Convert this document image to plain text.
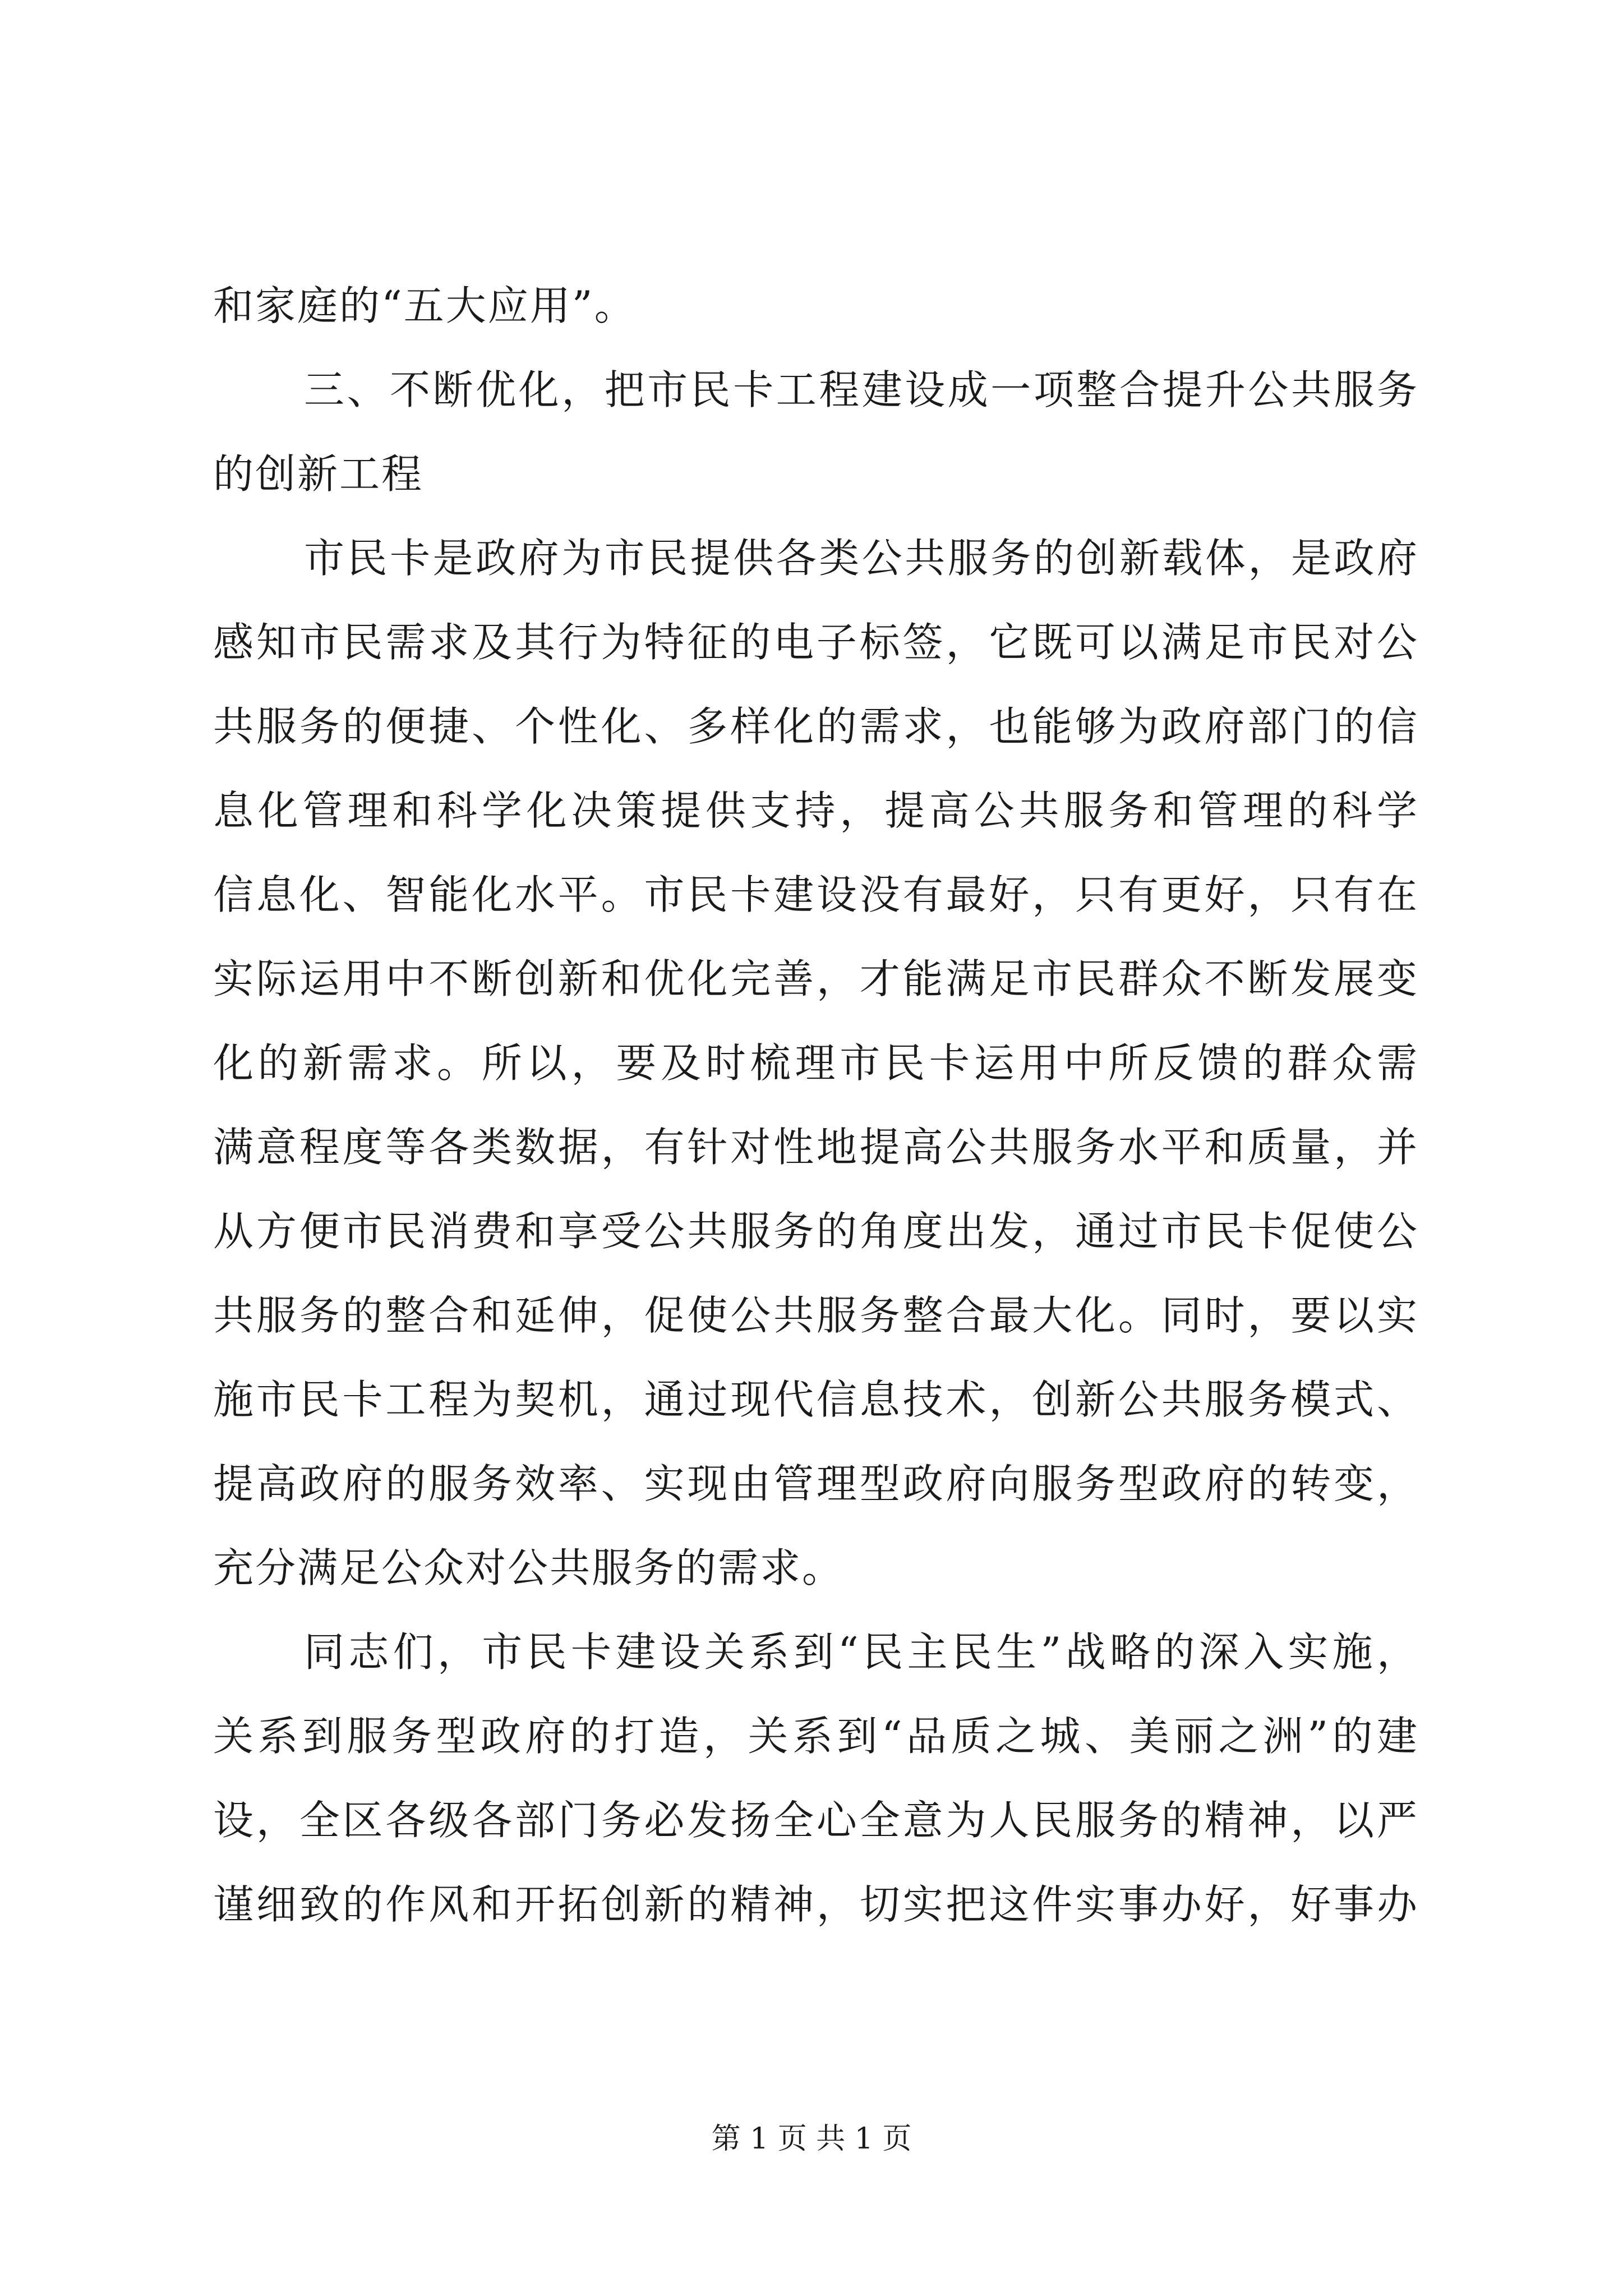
和家庭的“五大应用”。
三、不断优化，把市民卡工程建设成一项整合提升公共服务
的创新工程
市民卡是政府为市民提供各类公共服务的创新载体，是政府
感知市民需求及其行为特征的电子标签，它既可以满足市民对公
共服务的便捷、个性化、多样化的需求，也能够为政府部门的信
息化管理和科学化决策提供支持，提高公共服务和管理的科学
信息化、智能化水平。市民卡建设没有最好，只有更好，只有在
实际运用中不断创新和优化完善，才能满足市民群众不断发展变
化的新需求。所以，要及时梳理市民卡运用中所反馈的群众需
满意程度等各类数据，有针对性地提高公共服务水平和质量，并
从方便市民消费和享受公共服务的角度出发，通过市民卡促使公
共服务的整合和延伸，促使公共服务整合最大化。同时，要以实
施市民卡工程为契机，通过现代信息技术，创新公共服务模式、
提高政府的服务效率、实现由管理型政府向服务型政府的转变，
充分满足公众对公共服务的需求。
同志们，市民卡建设关系到“民主民生”战略的深入实施，
关系到服务型政府的打造，关系到“品质之城、美丽之洲”的建
设，全区各级各部门务必发扬全心全意为人民服务的精神，以严
谨细致的作风和开拓创新的精神，切实把这件实事办好，好事办
第 1 页 共 1 页
